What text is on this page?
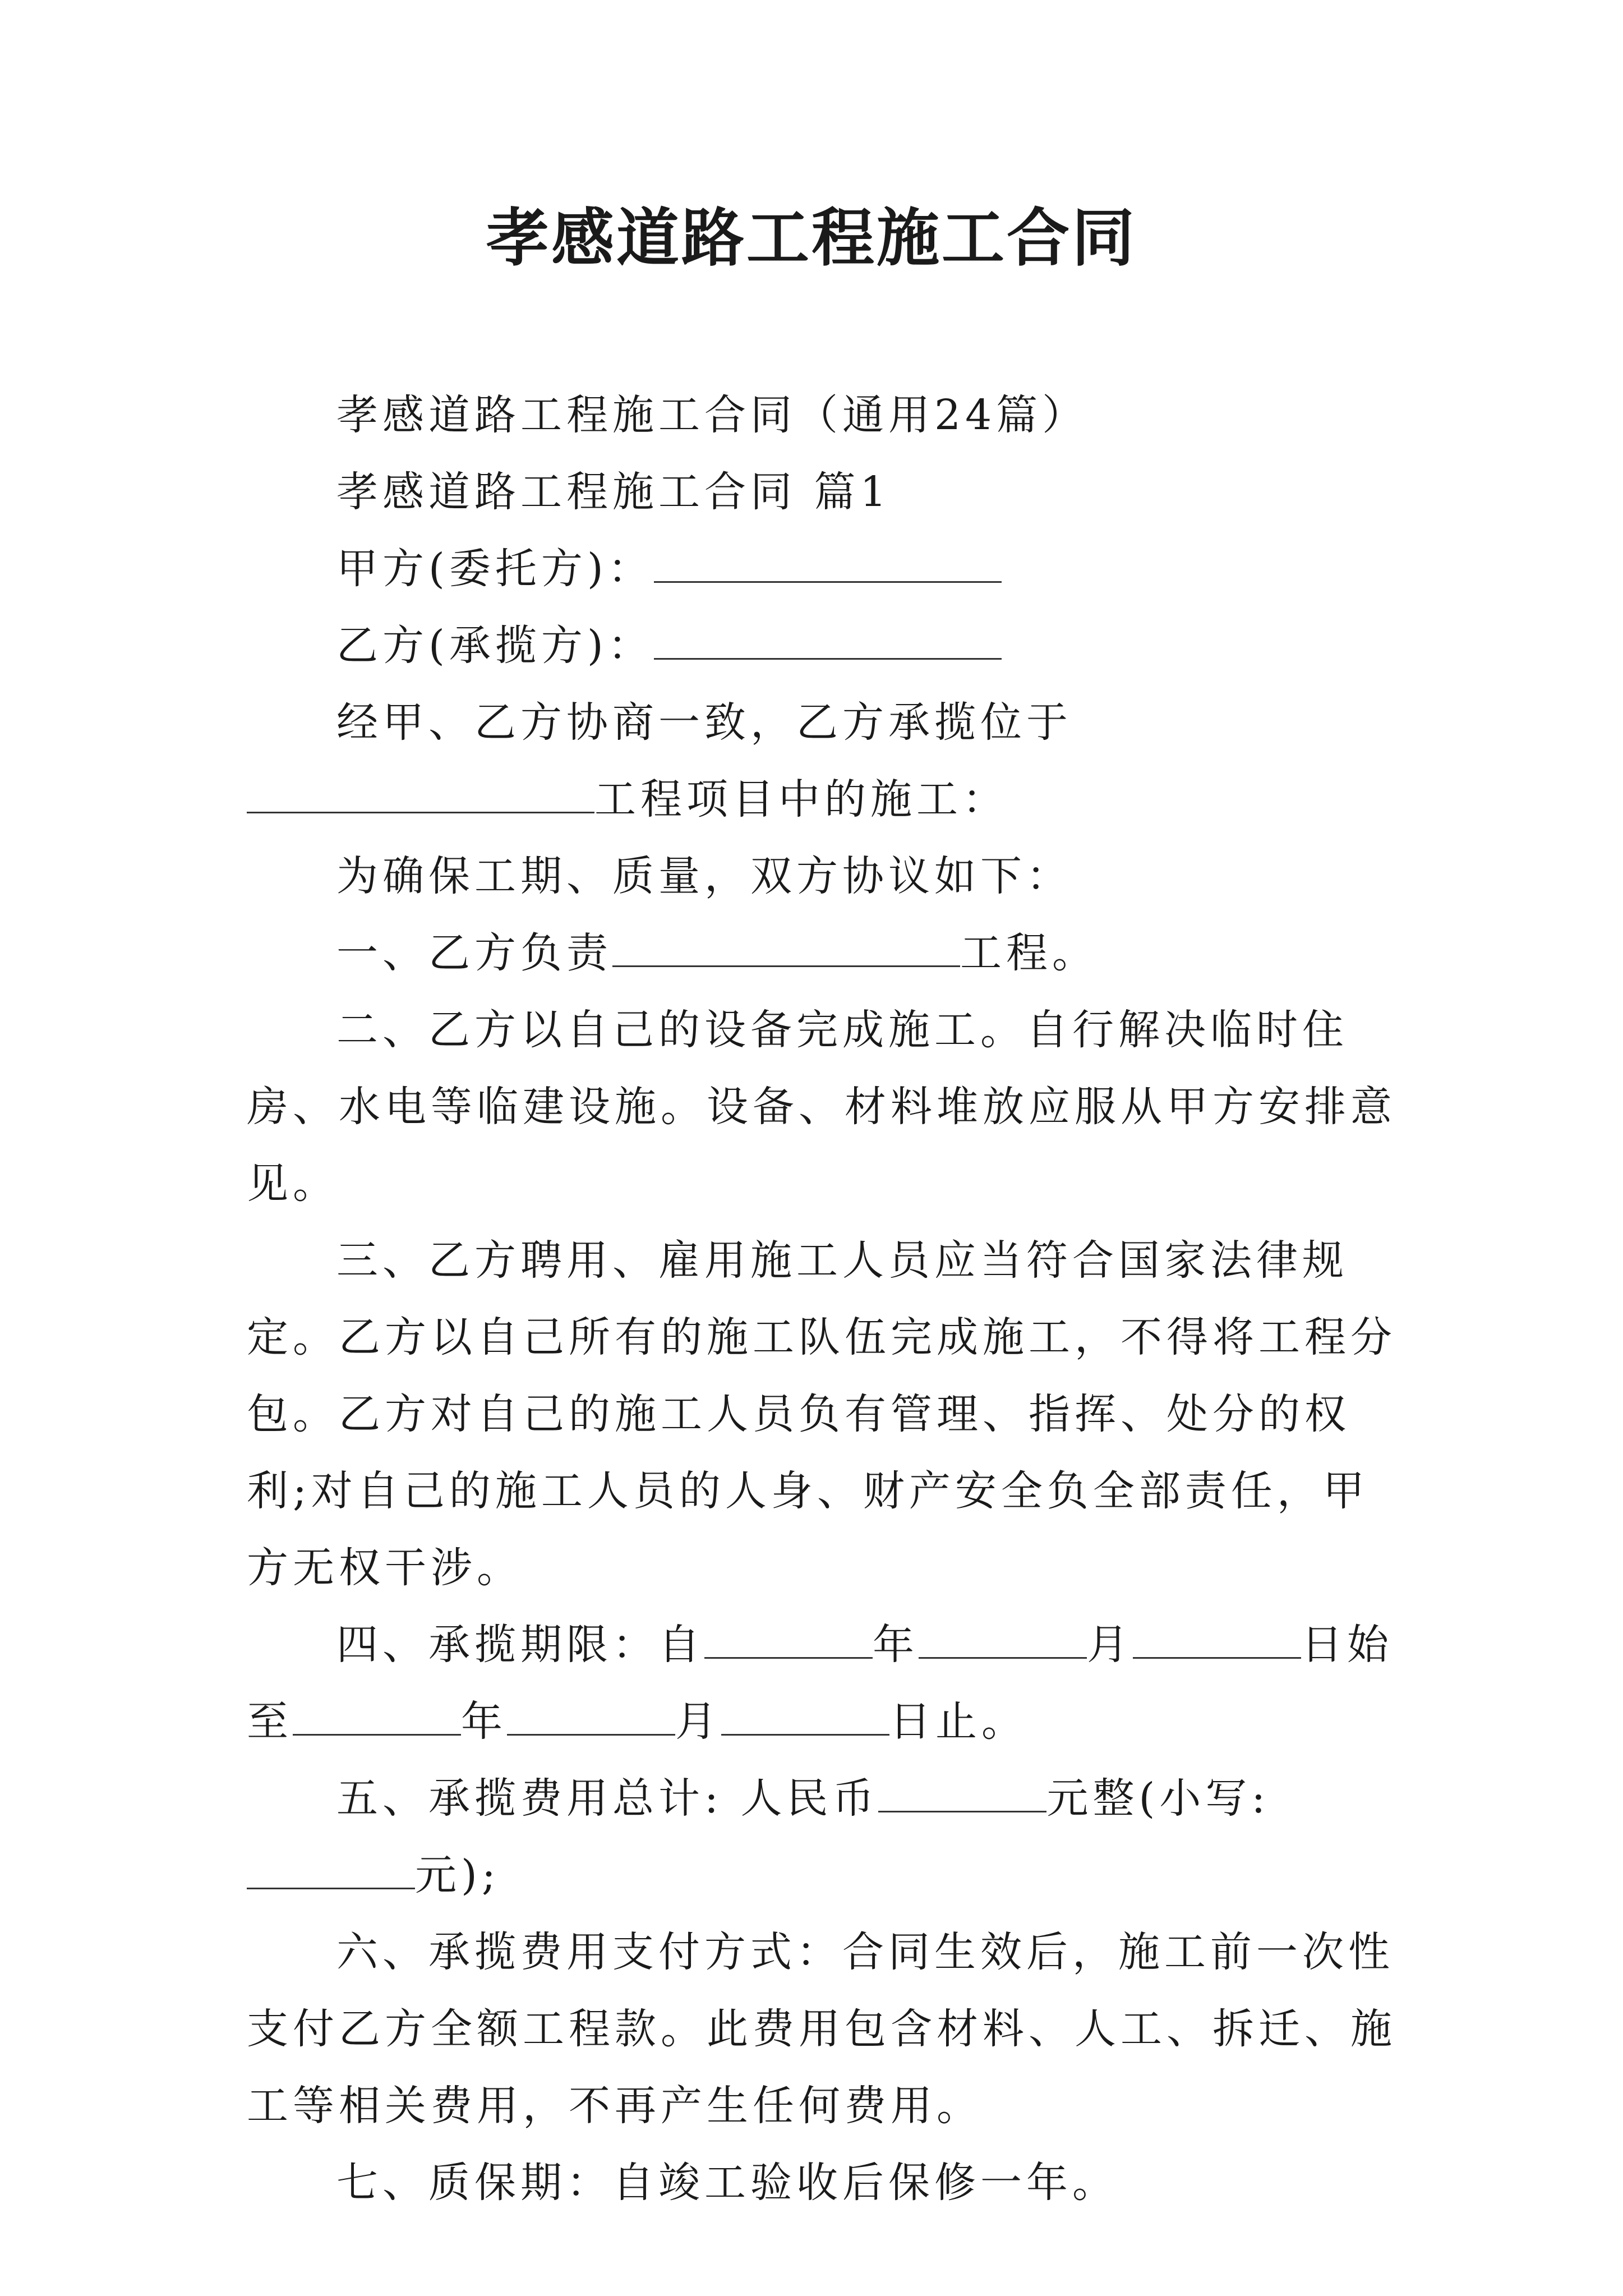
孝感道路工程施工合同

孝感道路工程施工合同（通用24篇）

孝感道路工程施工合同 篇1

甲方(委托方)：

乙方(承揽方)：

经甲、乙方协商一致，乙方承揽位于工程项目中的施工：

为确保工期、质量，双方协议如下：

一、乙方负责	工程。

二、乙方以自己的设备完成施工。自行解决临时住房、水电等临建设施。设备、材料堆放应服从甲方安排意见。

三、乙方聘用、雇用施工人员应当符合国家法律规定。乙方以自己所有的施工队伍完成施工，不得将工程分包。乙方对自己的施工人员负有管理、指挥、处分的权利;对自己的施工人员的人身、财产安全负全部责任，甲方无权干涉。

四、承揽期限：自	年	月	日始至	年	月	日止。

五、承揽费用总计: 人民币	元整(小写: 元);

六、承揽费用支付方式：合同生效后，施工前一次性支付乙方全额工程款。此费用包含材料、人工、拆迁、施工等相关费用，不再产生任何费用。

七、质保期：自竣工验收后保修一年。
